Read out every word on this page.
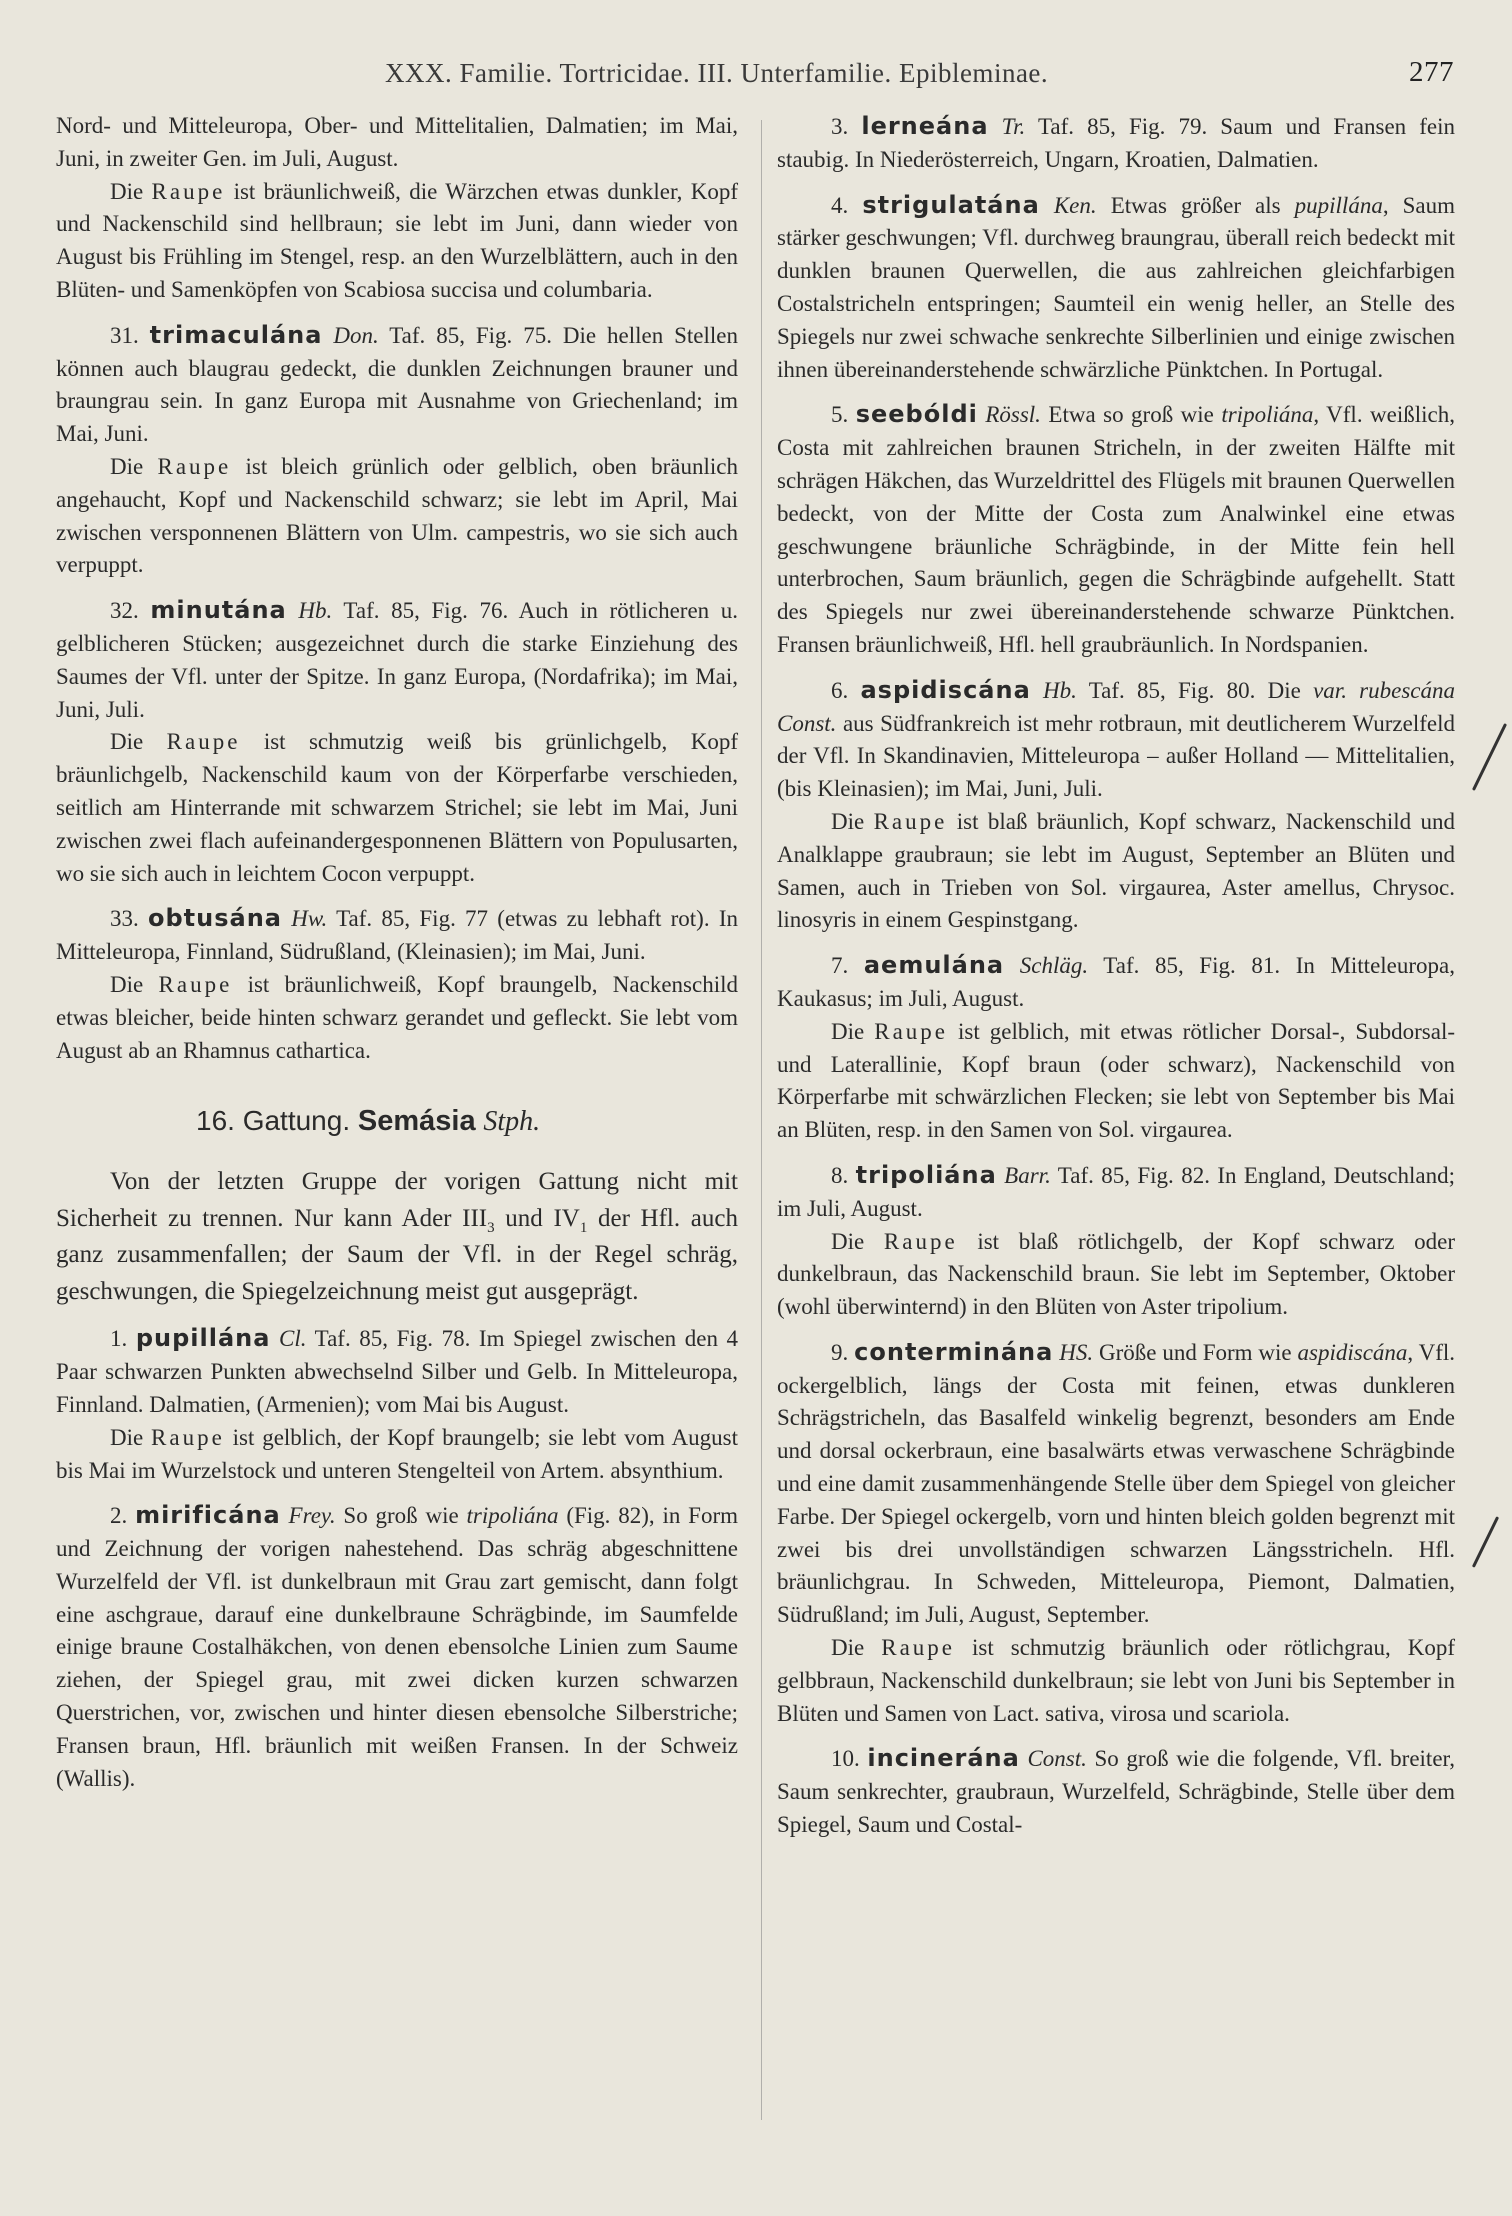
XXX. Familie. Tortricidae. III. Unterfamilie. Epibleminae.	277

Nord- und Mitteleuropa, Ober- und Mittelitalien, Dalmatien; im Mai, Juni, in zweiter Gen. im Juli, August.

Die Raupe ist bräunlichweiß, die Wärzchen etwas dunkler, Kopf und Nackenschild sind hellbraun; sie lebt im Juni, dann wieder von August bis Frühling im Stengel, resp. an den Wurzelblättern, auch in den Blüten- und Samenköpfen von Scabiosa succisa und columbaria.

31. trimaculána Don. Taf. 85, Fig. 75. Die hellen Stellen können auch blaugrau gedeckt, die dunklen Zeichnungen brauner und braungrau sein. In ganz Europa mit Ausnahme von Griechenland; im Mai, Juni.

Die Raupe ist bleich grünlich oder gelblich, oben bräunlich angehaucht, Kopf und Nackenschild schwarz; sie lebt im April, Mai zwischen versponnenen Blättern von Ulm. campestris, wo sie sich auch verpuppt.

32. minutána Hb. Taf. 85, Fig. 76. Auch in rötlicheren u. gelblicheren Stücken; ausgezeichnet durch die starke Einziehung des Saumes der Vfl. unter der Spitze. In ganz Europa, (Nordafrika); im Mai, Juni, Juli.

Die Raupe ist schmutzig weiß bis grünlichgelb, Kopf bräunlichgelb, Nackenschild kaum von der Körperfarbe verschieden, seitlich am Hinterrande mit schwarzem Strichel; sie lebt im Mai, Juni zwischen zwei flach aufeinandergesponnenen Blättern von Populusarten, wo sie sich auch in leichtem Cocon verpuppt.

33. obtusána Hw. Taf. 85, Fig. 77 (etwas zu lebhaft rot). In Mitteleuropa, Finnland, Südrußland, (Kleinasien); im Mai, Juni.

Die Raupe ist bräunlichweiß, Kopf braungelb, Nackenschild etwas bleicher, beide hinten schwarz gerandet und gefleckt. Sie lebt vom August ab an Rhamnus cathartica.

16. Gattung. Semásia Stph.

Von der letzten Gruppe der vorigen Gattung nicht mit Sicherheit zu trennen. Nur kann Ader $III_3$ und $IV_1$ der Hfl. auch ganz zusammenfallen; der Saum der Vfl. in der Regel schräg, geschwungen, die Spiegelzeichnung meist gut ausgeprägt.

1. pupillána Cl. Taf. 85, Fig. 78. Im Spiegel zwischen den 4 Paar schwarzen Punkten abwechselnd Silber und Gelb. In Mitteleuropa, Finnland. Dalmatien, (Armenien); vom Mai bis August.

Die Raupe ist gelblich, der Kopf braungelb; sie lebt vom August bis Mai im Wurzelstock und unteren Stengelteil von Artem. absynthium.

2. mirificána Frey. So groß wie tripoliána (Fig. 82), in Form und Zeichnung der vorigen nahestehend. Das schräg abgeschnittene Wurzelfeld der Vfl. ist dunkelbraun mit Grau zart gemischt, dann folgt eine aschgraue, darauf eine dunkelbraune Schrägbinde, im Saumfelde einige braune Costalhäkchen, von denen ebensolche Linien zum Saume ziehen, der Spiegel grau, mit zwei dicken kurzen schwarzen Querstrichen, vor, zwischen und hinter diesen ebensolche Silberstriche; Fransen braun, Hfl. bräunlich mit weißen Fransen. In der Schweiz (Wallis).

3. lerneána Tr. Taf. 85, Fig. 79. Saum und Fransen fein staubig. In Niederösterreich, Ungarn, Kroatien, Dalmatien.

4. strigulatána Ken. Etwas größer als pupillána, Saum stärker geschwungen; Vfl. durchweg braungrau, überall reich bedeckt mit dunklen braunen Querwellen, die aus zahlreichen gleichfarbigen Costalstricheln entspringen; Saumteil ein wenig heller, an Stelle des Spiegels nur zwei schwache senkrechte Silberlinien und einige zwischen ihnen übereinanderstehende schwärzliche Pünktchen. In Portugal.

5. seebóldi Rössl. Etwa so groß wie tripoliána, Vfl. weißlich, Costa mit zahlreichen braunen Stricheln, in der zweiten Hälfte mit schrägen Häkchen, das Wurzeldrittel des Flügels mit braunen Querwellen bedeckt, von der Mitte der Costa zum Analwinkel eine etwas geschwungene bräunliche Schrägbinde, in der Mitte fein hell unterbrochen, Saum bräunlich, gegen die Schrägbinde aufgehellt. Statt des Spiegels nur zwei übereinanderstehende schwarze Pünktchen. Fransen bräunlichweiß, Hfl. hell graubräunlich. In Nordspanien.

6. aspidiscána Hb. Taf. 85, Fig. 80. Die var. rubescána Const. aus Südfrankreich ist mehr rotbraun, mit deutlicherem Wurzelfeld der Vfl. In Skandinavien, Mitteleuropa – außer Holland — Mittelitalien, (bis Kleinasien); im Mai, Juni, Juli.

Die Raupe ist blaß bräunlich, Kopf schwarz, Nackenschild und Analklappe graubraun; sie lebt im August, September an Blüten und Samen, auch in Trieben von Sol. virgaurea, Aster amellus, Chrysoc. linosyris in einem Gespinstgang.

7. aemulána Schläg. Taf. 85, Fig. 81. In Mitteleuropa, Kaukasus; im Juli, August.

Die Raupe ist gelblich, mit etwas rötlicher Dorsal-, Subdorsal- und Laterallinie, Kopf braun (oder schwarz), Nackenschild von Körperfarbe mit schwärzlichen Flecken; sie lebt von September bis Mai an Blüten, resp. in den Samen von Sol. virgaurea.

8. tripoliána Barr. Taf. 85, Fig. 82. In England, Deutschland; im Juli, August.

Die Raupe ist blaß rötlichgelb, der Kopf schwarz oder dunkelbraun, das Nackenschild braun. Sie lebt im September, Oktober (wohl überwinternd) in den Blüten von Aster tripolium.

9. conterminána HS. Größe und Form wie aspidiscána, Vfl. ockergelblich, längs der Costa mit feinen, etwas dunkleren Schrägstricheln, das Basalfeld winkelig begrenzt, besonders am Ende und dorsal ockerbraun, eine basalwärts etwas verwaschene Schrägbinde und eine damit zusammenhängende Stelle über dem Spiegel von gleicher Farbe. Der Spiegel ockergelb, vorn und hinten bleich golden begrenzt mit zwei bis drei unvollständigen schwarzen Längsstricheln. Hfl. bräunlichgrau. In Schweden, Mitteleuropa, Piemont, Dalmatien, Südrußland; im Juli, August, September.

Die Raupe ist schmutzig bräunlich oder rötlichgrau, Kopf gelbbraun, Nackenschild dunkelbraun; sie lebt von Juni bis September in Blüten und Samen von Lact. sativa, virosa und scariola.

10. incinerána Const. So groß wie die folgende, Vfl. breiter, Saum senkrechter, graubraun, Wurzelfeld, Schrägbinde, Stelle über dem Spiegel, Saum und Costal-
